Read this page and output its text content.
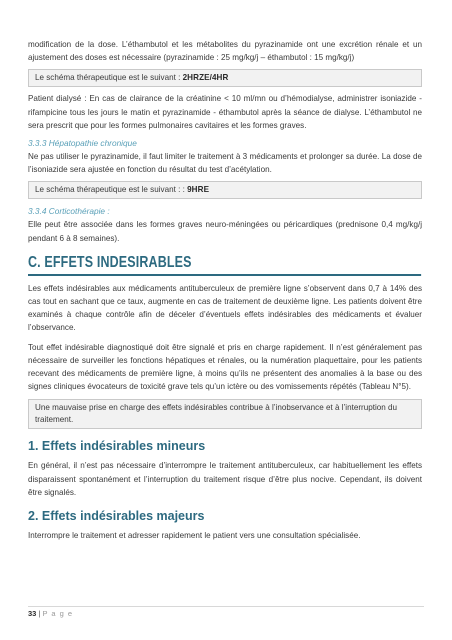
modification de la dose. L’éthambutol et les métabolites du pyrazinamide ont une excrétion rénale et un ajustement des doses est nécessaire (pyrazinamide : 25 mg/kg/j – éthambutol : 15 mg/kg/j)

Le schéma thérapeutique est le suivant : 2HRZE/4HR

Patient dialysé : En cas de clairance de la créatinine < 10 ml/mn ou d’hémodialyse, administrer isoniazide - rifampicine tous les jours le matin et pyrazinamide - éthambutol après la séance de dialyse. L’éthambutol ne sera prescrit que pour les formes pulmonaires cavitaires et les formes graves.

3.3.3 Hépatopathie chronique

Ne pas utiliser le pyrazinamide, il faut limiter le traitement à 3 médicaments et prolonger sa durée. La dose de l’isoniazide sera ajustée en fonction du résultat du test d’acétylation.

Le schéma thérapeutique est le suivant : : 9HRE
3.3.4 Corticothérapie :

Elle peut être associée dans les formes graves neuro-méningées ou péricardiques (prednisone 0,4 mg/kg/j pendant 6 à 8 semaines).

C. EFFETS INDESIRABLES

Les effets indésirables aux médicaments antituberculeux de première ligne s’observent dans 0,7 à 14% des cas tout en sachant que ce taux, augmente en cas de traitement de deuxième ligne. Les patients doivent être examinés à chaque contrôle afin de déceler d’éventuels effets indésirables des médicaments et évaluer l’observance.

Tout effet indésirable diagnostiqué doit être signalé et pris en charge rapidement. Il n’est généralement pas nécessaire de surveiller les fonctions hépatiques et rénales, ou la numération plaquettaire, pour les patients recevant des médicaments de première ligne, à moins qu’ils ne présentent des anomalies à la base ou des signes cliniques évocateurs de toxicité grave tels qu’un ictère ou des vomissements répétés (Tableau N°5).

Une mauvaise prise en charge des effets indésirables contribue à l’inobservance et à l’interruption du traitement.
1. Effets indésirables mineurs

En général, il n’est pas nécessaire d’interrompre le traitement antituberculeux, car habituellement les effets disparaissent spontanément et l’interruption du traitement risque d’être plus nocive. Cependant, ils doivent être signalés.

2. Effets indésirables majeurs

Interrompre le traitement et adresser rapidement le patient vers une consultation spécialisée.

33 | P a g e
